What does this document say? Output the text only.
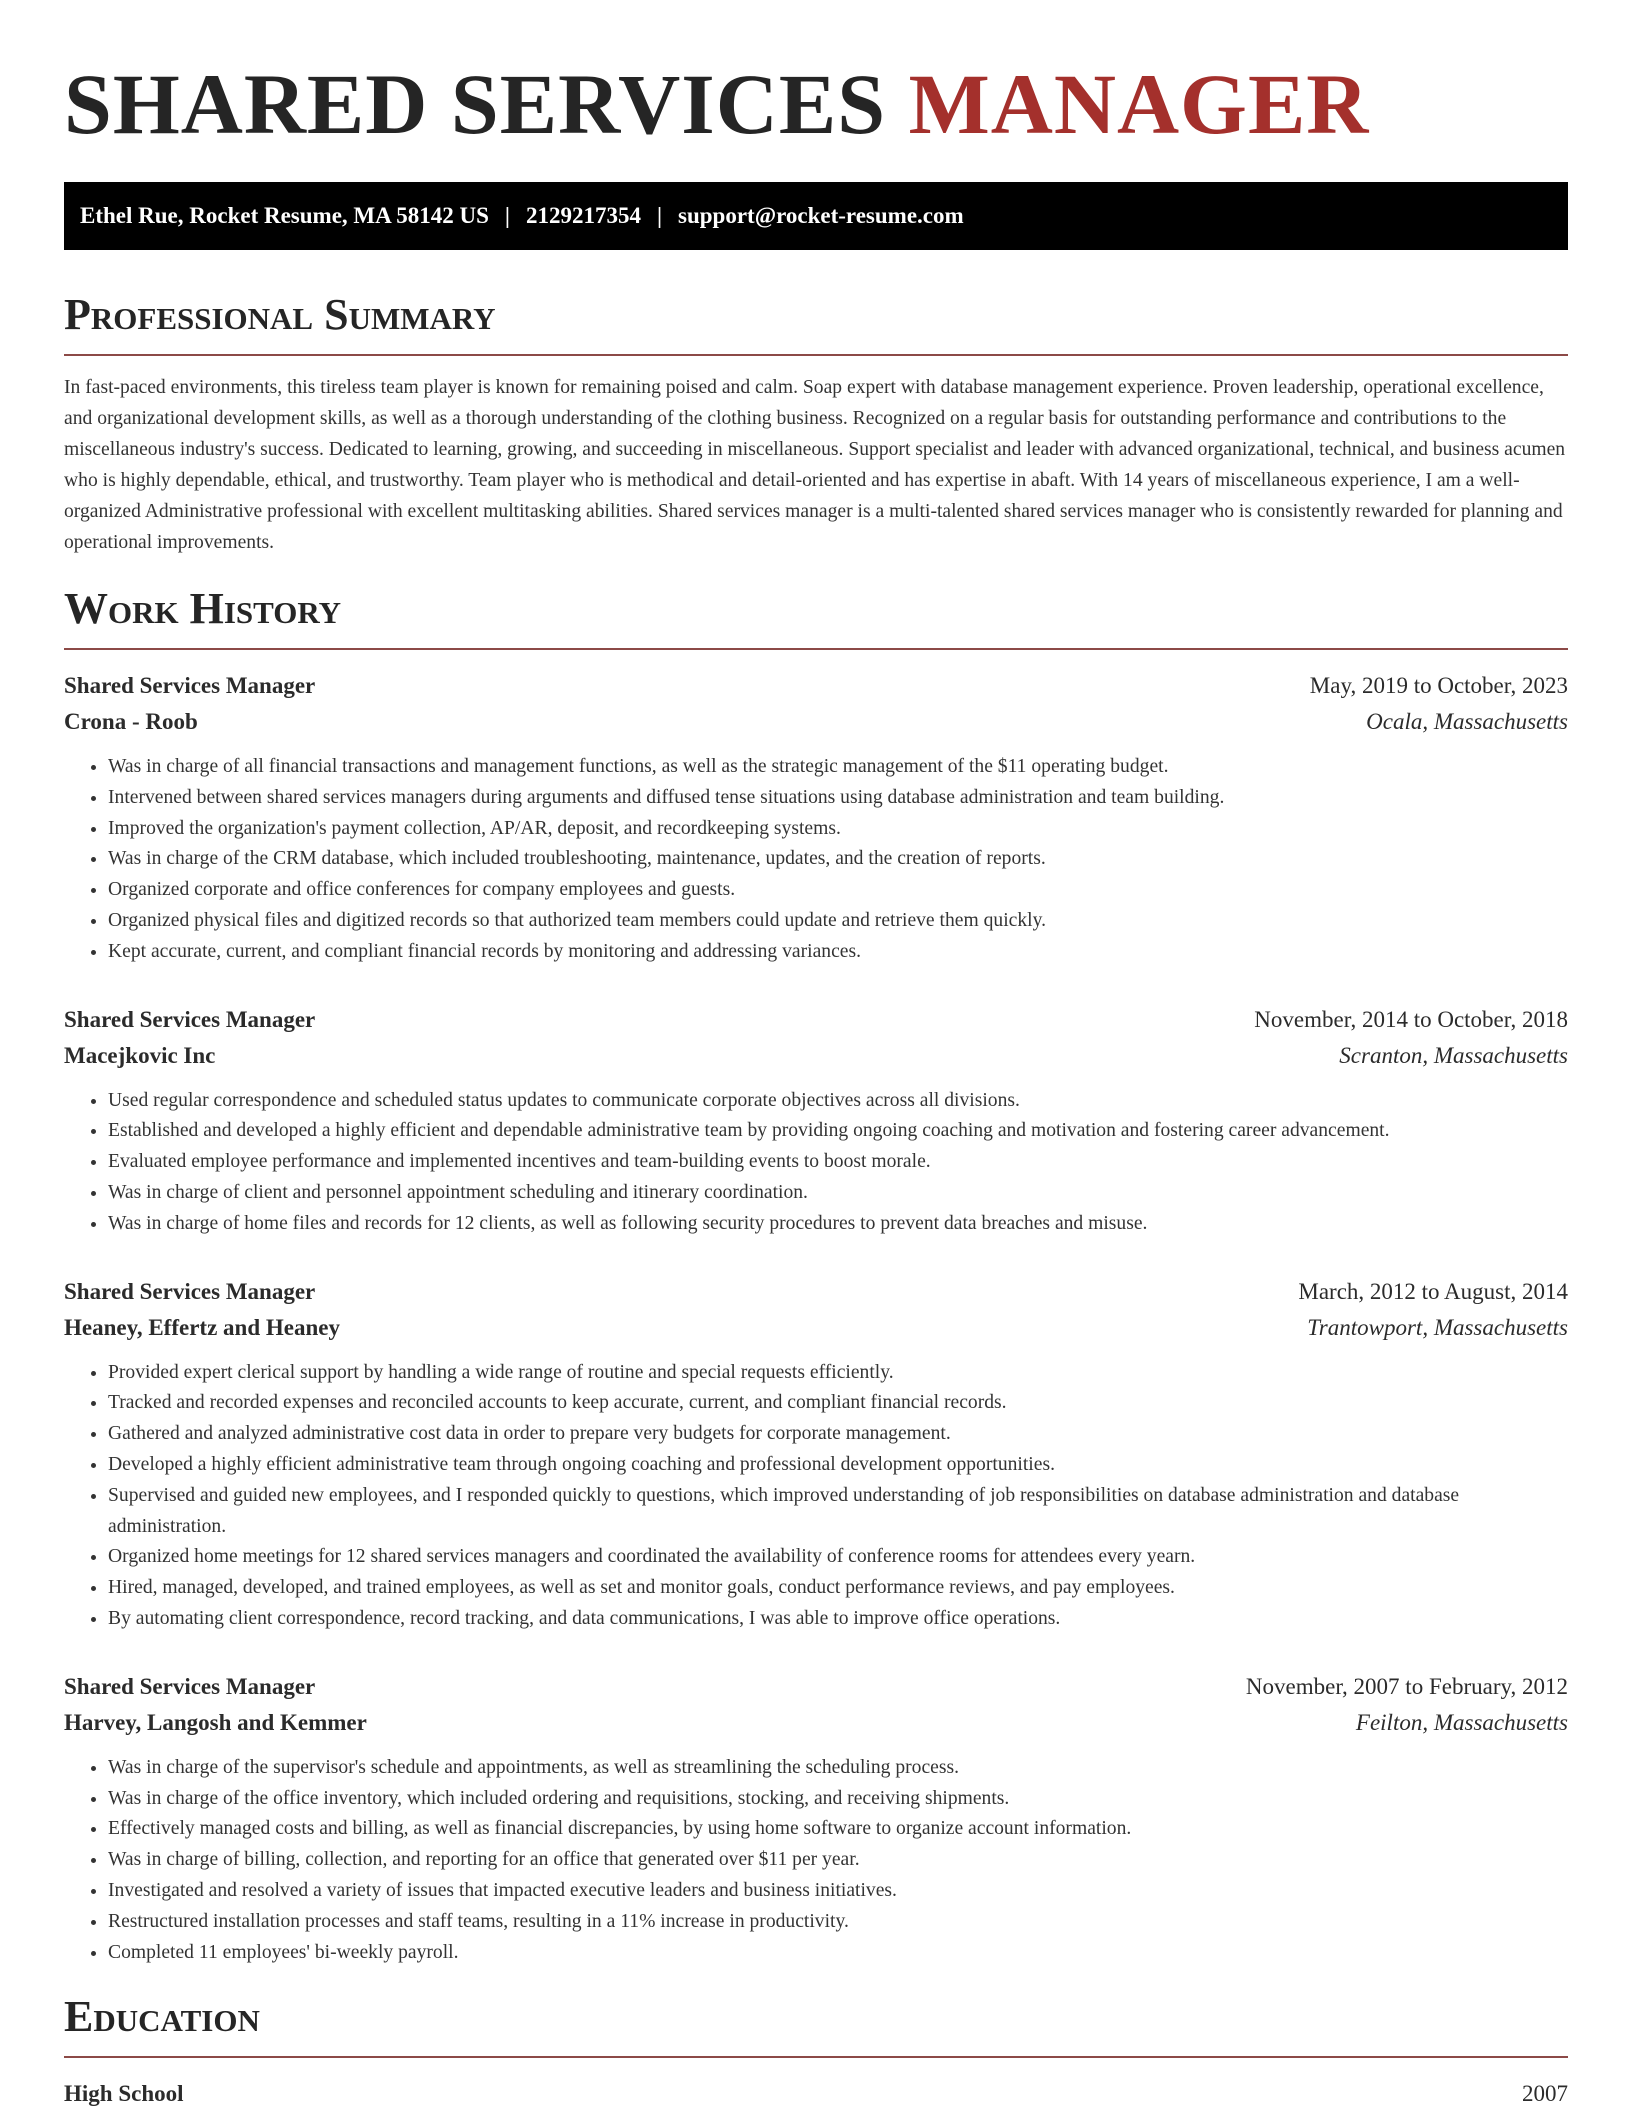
SHARED SERVICES MANAGER
Ethel Rue, Rocket Resume, MA 58142 US | 2129217354 | support@rocket-resume.com
Professional Summary

In fast-paced environments, this tireless team player is known for remaining poised and calm. Soap expert with database management experience. Proven leadership, operational excellence, and organizational development skills, as well as a thorough understanding of the clothing business. Recognized on a regular basis for outstanding performance and contributions to the miscellaneous industry's success. Dedicated to learning, growing, and succeeding in miscellaneous. Support specialist and leader with advanced organizational, technical, and business acumen who is highly dependable, ethical, and trustworthy. Team player who is methodical and detail-oriented and has expertise in abaft. With 14 years of miscellaneous experience, I am a well-organized Administrative professional with excellent multitasking abilities. Shared services manager is a multi-talented shared services manager who is consistently rewarded for planning and operational improvements.

Work History
Shared Services Manager	May, 2019 to October, 2023
Crona - Roob	Ocala, Massachusetts
• Was in charge of all financial transactions and management functions, as well as the strategic management of the $11 operating budget.
• Intervened between shared services managers during arguments and diffused tense situations using database administration and team building.
• Improved the organization's payment collection, AP/AR, deposit, and recordkeeping systems.
• Was in charge of the CRM database, which included troubleshooting, maintenance, updates, and the creation of reports.
• Organized corporate and office conferences for company employees and guests.
• Organized physical files and digitized records so that authorized team members could update and retrieve them quickly.
• Kept accurate, current, and compliant financial records by monitoring and addressing variances.
Shared Services Manager	November, 2014 to October, 2018
Macejkovic Inc	Scranton, Massachusetts
• Used regular correspondence and scheduled status updates to communicate corporate objectives across all divisions.
• Established and developed a highly efficient and dependable administrative team by providing ongoing coaching and motivation and fostering career advancement.
• Evaluated employee performance and implemented incentives and team-building events to boost morale.
• Was in charge of client and personnel appointment scheduling and itinerary coordination.
• Was in charge of home files and records for 12 clients, as well as following security procedures to prevent data breaches and misuse.
Shared Services Manager	March, 2012 to August, 2014
Heaney, Effertz and Heaney	Trantowport, Massachusetts
• Provided expert clerical support by handling a wide range of routine and special requests efficiently.
• Tracked and recorded expenses and reconciled accounts to keep accurate, current, and compliant financial records.
• Gathered and analyzed administrative cost data in order to prepare very budgets for corporate management.
• Developed a highly efficient administrative team through ongoing coaching and professional development opportunities.
• Supervised and guided new employees, and I responded quickly to questions, which improved understanding of job responsibilities on database administration and database administration.
• Organized home meetings for 12 shared services managers and coordinated the availability of conference rooms for attendees every yearn.
• Hired, managed, developed, and trained employees, as well as set and monitor goals, conduct performance reviews, and pay employees.
• By automating client correspondence, record tracking, and data communications, I was able to improve office operations.
Shared Services Manager	November, 2007 to February, 2012
Harvey, Langosh and Kemmer	Feilton, Massachusetts
• Was in charge of the supervisor's schedule and appointments, as well as streamlining the scheduling process.
• Was in charge of the office inventory, which included ordering and requisitions, stocking, and receiving shipments.
• Effectively managed costs and billing, as well as financial discrepancies, by using home software to organize account information.
• Was in charge of billing, collection, and reporting for an office that generated over $11 per year.
• Investigated and resolved a variety of issues that impacted executive leaders and business initiatives.
• Restructured installation processes and staff teams, resulting in a 11% increase in productivity.
• Completed 11 employees' bi-weekly payroll.
Education
High School	2007
